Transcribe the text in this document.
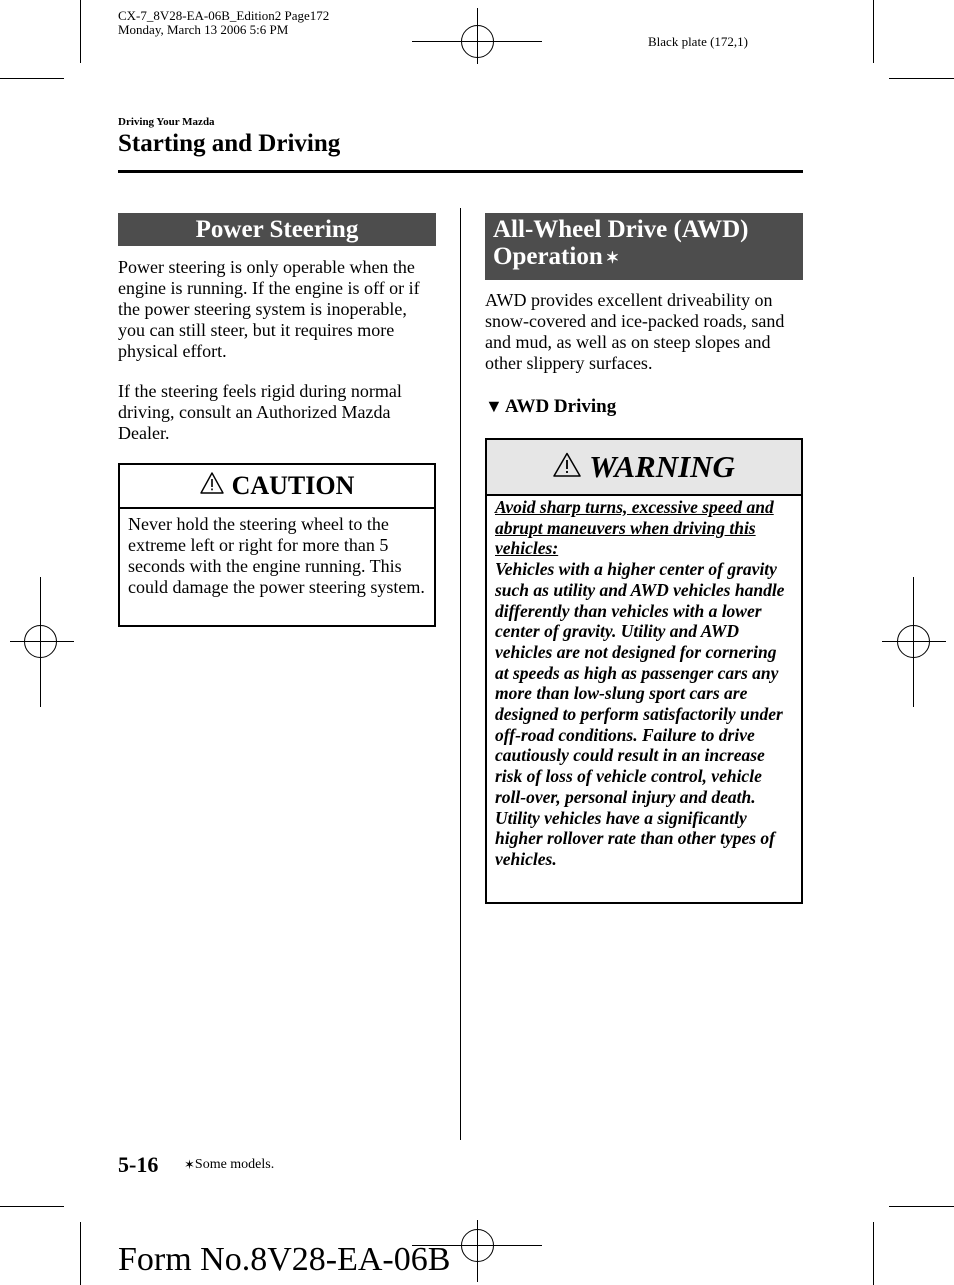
CX-7_8V28-EA-06B_Edition2 Page172
Monday, March 13 2006 5:6 PM
Black plate (172,1)
Driving Your Mazda
Starting and Driving
Power Steering
Power steering is only operable when the engine is running. If the engine is off or if the power steering system is inoperable, you can still steer, but it requires more physical effort.
If the steering feels rigid during normal driving, consult an Authorized Mazda Dealer.
CAUTION
Never hold the steering wheel to the extreme left or right for more than 5 seconds with the engine running. This could damage the power steering system.
All-Wheel Drive (AWD)
Operation ✶
AWD provides excellent driveability on snow-covered and ice-packed roads, sand and mud, as well as on steep slopes and other slippery surfaces.
▼ AWD Driving
WARNING
Avoid sharp turns, excessive speed and abrupt maneuvers when driving this vehicles:

Vehicles with a higher center of gravity such as utility and AWD vehicles handle differently than vehicles with a lower center of gravity. Utility and AWD vehicles are not designed for cornering at speeds as high as passenger cars any more than low-slung sport cars are designed to perform satisfactorily under off-road conditions. Failure to drive cautiously could result in an increase risk of loss of vehicle control, vehicle roll-over, personal injury and death.

Utility vehicles have a significantly higher rollover rate than other types of vehicles.

5-16 ✶Some models.
Form No.8V28-EA-06B
